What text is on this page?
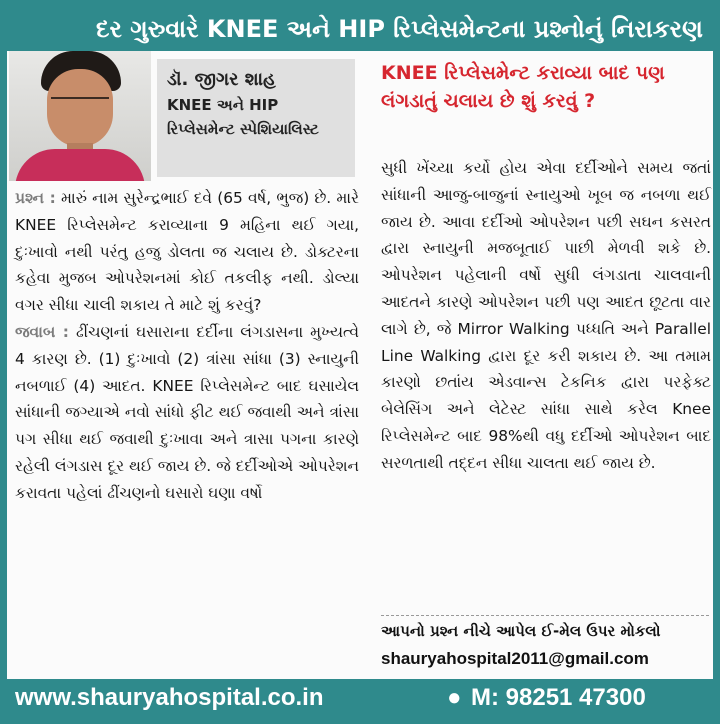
દર ગુરુવારે KNEE અને HIP રિપ્લેસમેન્ટના પ્રશ્નોનું નિરાકરણ
ડૉ. જીગર શાહ
KNEE અને HIP
રિપ્લેસમેન્ટ સ્પેશિયાલિસ્ટ
KNEE રિપ્લેસમેન્ટ કરાવ્યા બાદ પણ લંગડાતું ચલાય છે શું કરવું ?
પ્રશ્ન : મારું નામ સુરેન્દ્રભાઈ દવે (65 વર્ષ, ભુજ) છે. મારે KNEE રિપ્લેસમેન્ટ કરાવ્યાના 9 મહિના થઈ ગયા, દુઃખાવો નથી પરંતુ હજુ ડોલતા જ ચલાય છે. ડોક્ટરના કહેવા મુજબ ઓપરેશનમાં કોઈ તકલીફ નથી. ડોલ્યા વગર સીધા ચાલી શકાય તે માટે શું કરવું?
જવાબ : ઢીંચણનાં ઘસારાના દર્દીના લંગડાસના મુખ્યત્વે 4 કારણ છે. (1) દુઃખાવો (2) ત્રાંસા સાંધા (3) સ્નાયુની નબળાઈ (4) આદત. KNEE રિપ્લેસમેન્ટ બાદ ઘસાયેલ સાંધાની જગ્યાએ નવો સાંધો ફીટ થઈ જવાથી અને ત્રાંસા પગ સીધા થઈ જવાથી દુઃખાવા અને ત્રાસા પગના કારણે રહેલી લંગડાસ દૂર થઈ જાય છે. જે દર્દીઓએ ઓપરેશન કરાવતા પહેલાં ઢીંચણનો ઘસારો ઘણા વર્ષો
સુધી ખેંચ્યા કર્યો હોય એવા દર્દીઓને સમય જતાં સાંધાની આજુ-બાજુનાં સ્નાયુઓ ખૂબ જ નબળા થઈ જાય છે. આવા દર્દીઓ ઓપરેશન પછી સઘન કસરત દ્વારા સ્નાયુની મજબૂતાઈ પાછી મેળવી શકે છે. ઓપરેશન પહેલાની વર્ષો સુધી લંગડાતા ચાલવાની આદતને કારણે ઓપરેશન પછી પણ આદત છૂટતા વાર લાગે છે, જે Mirror Walking પધ્ધતિ અને Parallel Line Walking દ્વારા દૂર કરી શકાય છે. આ તમામ કારણો છતાંય એડવાન્સ ટેકનિક દ્વારા પરફેક્ટ બેલેસિંગ અને લેટેસ્ટ સાંધા સાથે કરેલ Knee રિપ્લેસમેન્ટ બાદ 98%થી વધુ દર્દીઓ ઓપરેશન બાદ સરળતાથી તદ્દન સીધા ચાલતા થઈ જાય છે.
આપનો પ્રશ્ન નીચે આપેલ ઈ-મેલ ઉપર મોકલો
shauryahospital2011@gmail.com
www.shauryahospital.co.in	● M: 98251 47300
